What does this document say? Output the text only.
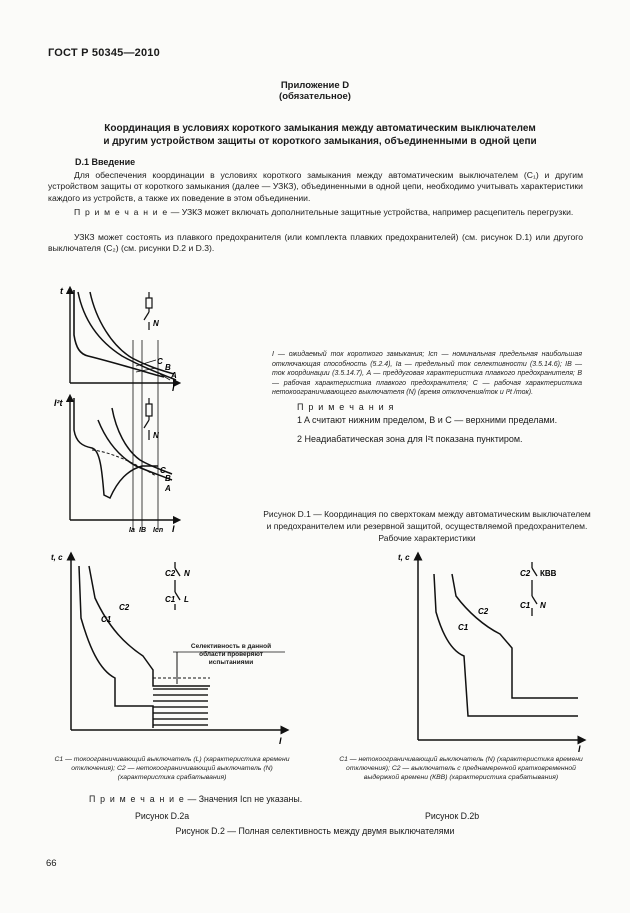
ГОСТ Р 50345—2010
Приложение D
(обязательное)
Координация в условиях короткого замыкания между автоматическим выключателем
и другим устройством защиты от короткого замыкания, объединенными в одной цепи
D.1 Введение
Для обеспечения координации в условиях короткого замыкания между автоматическим выключателем (C₁) и другим устройством защиты от короткого замыкания (далее — УЗКЗ), объединенными в одной цепи, необходимо учитывать характеристики каждого из устройств, а также их поведение в этом объединении.
П р и м е ч а н и е — УЗКЗ может включать дополнительные защитные устройства, например расцепитель перегрузки.
УЗКЗ может состоять из плавкого предохранителя (или комплекта плавких предохранителей) (см. рисунок D.1) или другого выключателя (C₂) (см. рисунки D.2 и D.3).
t
I²t
I
I
N
N
C
B
A
C
B
A
Ia IB Icn
I — ожидаемый ток короткого замыкания; Icn — номинальная предельная наибольшая отключающая способность (5.2.4), Ia — предельный ток селективности (3.5.14.6); IB — ток координации (3.5.14.7), A — преддуговая характеристика плавкого предохранителя; B — рабочая характеристика плавкого предохранителя; C — рабочая характеристика нетокоограничивающего выключателя (N) (время отключения/ток и I²t /ток).
П р и м е ч а н и я
1 A считают нижним пределом, B и C — верхними пределами.
2 Неадиабатическая зона для I²t показана пунктиром.
Рисунок D.1 — Координация по сверхтокам между автоматическим выключателем и предохранителем или резервной защитой, осуществляемой предохранителем. Рабочие характеристики
t, c
I
C1
C2
C2 N
C1 L
Селективность в данной области проверяют испытаниями
t, c
I
C1
C2
C2 КВВ
C1 N
C1 — токоограничивающий выключатель (L) (характеристика времени отключения); C2 — нетокоограничивающий выключатель (N) (характеристика срабатывания)
C1 — нетокоограничивающий выключатель (N) (характеристика времени отключения); C2 — выключатель с преднамеренной кратковременной выдержкой времени (КВВ) (характеристика срабатывания)
П р и м е ч а н и е — Значения Icn не указаны.
Рисунок D.2a	Рисунок D.2b
Рисунок D.2 — Полная селективность между двумя выключателями
66
